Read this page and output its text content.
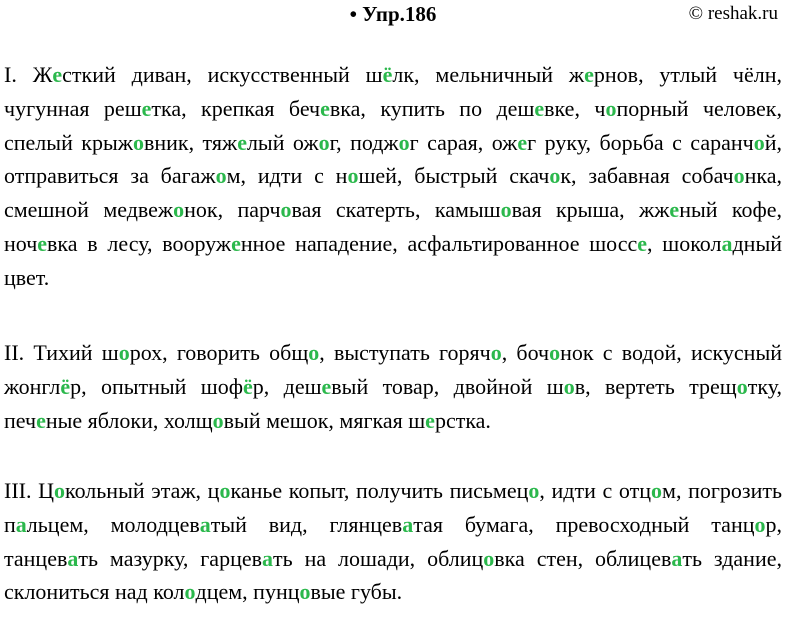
• Упр.186	© reshak.ru

I. Жесткий диван, искусственный шёлк, мельничный жернов, утлый чёлн, чугунная решетка, крепкая бечевка, купить по дешевке, чопорный человек, спелый крыжовник, тяжелый ожог, поджог сарая, ожег руку, борьба с саранчой, отправиться за багажом, идти с ношей, быстрый скачок, забавная собачонка, смешной медвежонок, парчовая скатерть, камышовая крыша, жженый кофе, ночевка в лесу, вооруженное нападение, асфальтированное шоссе, шоколадный цвет.

II. Тихий шорох, говорить общо, выступать горячо, бочонок с водой, искусный жонглёр, опытный шофёр, дешевый товар, двойной шов, вертеть трещотку, печеные яблоки, холщовый мешок, мягкая шерстка.

III. Цокольный этаж, цоканье копыт, получить письмецо, идти с отцом, погрозить пальцем, молодцеватый вид, глянцеватая бумага, превосходный танцор, танцевать мазурку, гарцевать на лошади, облицовка стен, облицевать здание, склониться над колодцем, пунцовые губы.
